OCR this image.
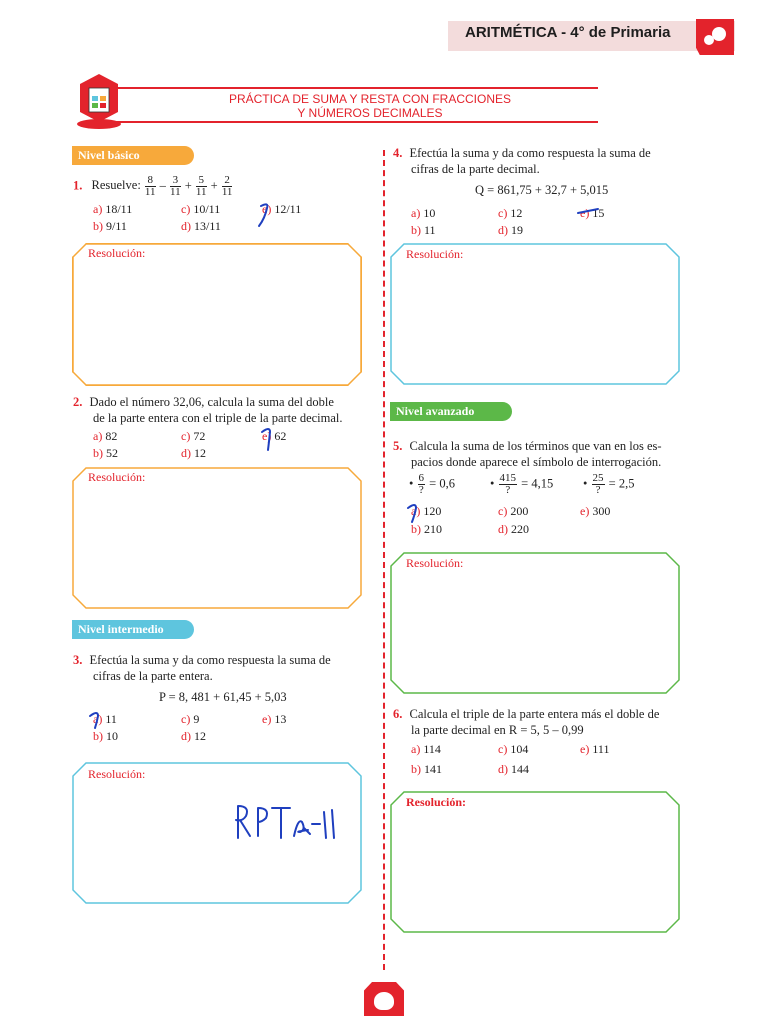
ARITMÉTICA - 4° de Primaria
PRÁCTICA DE SUMA Y RESTA CON FRACCIONES
Y NÚMEROS DECIMALES
Nivel básico
1. Resuelve: $\frac{8}{11} - \frac{3}{11} + \frac{5}{11} + \frac{2}{11}$
a) 18/11	c) 10/11	e) 12/11
b) 9/11	d) 13/11
Resolución:
2. Dado el número 32,06, calcula la suma del doble
de la parte entera con el triple de la parte decimal.
a) 82	c) 72	e) 62
b) 52	d) 12
Resolución:
Nivel intermedio
3. Efectúa la suma y da como respuesta la suma de
cifras de la parte entera.
P = 8, 481 + 61,45 + 5,03
a) 11	c) 9	e) 13
b) 10	d) 12
Resolución:
4. Efectúa la suma y da como respuesta la suma de
cifras de la parte decimal.
Q = 861,75 + 32,7 + 5,015
a) 10	c) 12	e) 15
b) 11	d) 19
Resolución:
Nivel avanzado
5. Calcula la suma de los términos que van en los es-
pacios donde aparece el símbolo de interrogación.
• $\frac{6}{?} = 0,6$	• $\frac{415}{?} = 4,15$ • $\frac{25}{?} = 2,5$
a) 120	c) 200	e) 300
b) 210	d) 220
Resolución:
6. Calcula el triple de la parte entera más el doble de
la parte decimal en R = 5, 5 – 0,99
a) 114	c) 104	e) 111
b) 141	d) 144
Resolución:
